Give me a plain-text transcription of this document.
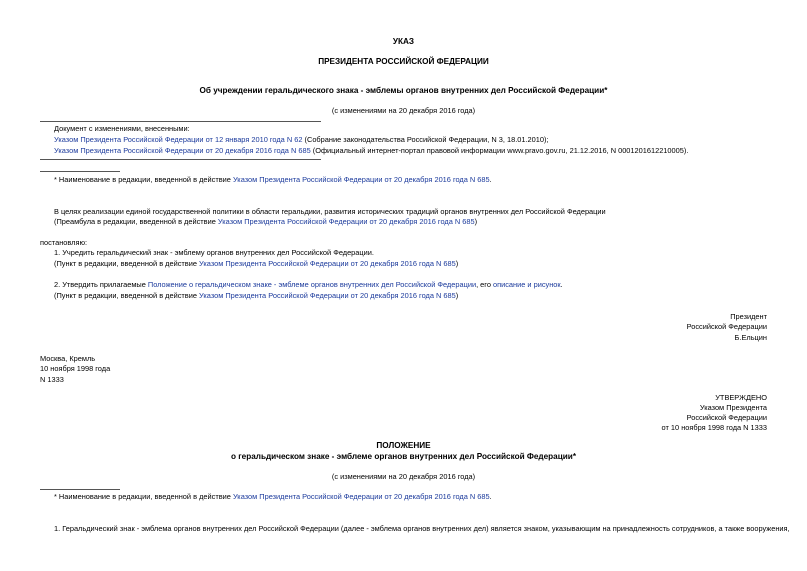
УКАЗ
ПРЕЗИДЕНТА РОССИЙСКОЙ ФЕДЕРАЦИИ
Об учреждении геральдического знака - эмблемы органов внутренних дел Российской Федерации*
(с изменениями на 20 декабря 2016 года)
Документ с изменениями, внесенными:
Указом Президента Российской Федерации от 12 января 2010 года N 62 (Собрание законодательства Российской Федерации, N 3, 18.01.2010);
Указом Президента Российской Федерации от 20 декабря 2016 года N 685 (Официальный интернет-портал правовой информации www.pravo.gov.ru, 21.12.2016, N 0001201612210005).
* Наименование в редакции, введенной в действие Указом Президента Российской Федерации от 20 декабря 2016 года N 685.
В целях реализации единой государственной политики в области геральдики, развития исторических традиций органов внутренних дел Российской Федерации
(Преамбула в редакции, введенной в действие Указом Президента Российской Федерации от 20 декабря 2016 года N 685)
постановляю:
1. Учредить геральдический знак - эмблему органов внутренних дел Российской Федерации.
(Пункт в редакции, введенной в действие Указом Президента Российской Федерации от 20 декабря 2016 года N 685)
2. Утвердить прилагаемые Положение о геральдическом знаке - эмблеме органов внутренних дел Российской Федерации, его описание и рисунок.
(Пункт в редакции, введенной в действие Указом Президента Российской Федерации от 20 декабря 2016 года N 685)
Президент
Российской Федерации
Б.Ельцин
Москва, Кремль
10 ноября 1998 года
N 1333
УТВЕРЖДЕНО
Указом Президента
Российской Федерации
от 10 ноября 1998 года N 1333
ПОЛОЖЕНИЕ
о геральдическом знаке - эмблеме органов внутренних дел Российской Федерации*
(с изменениями на 20 декабря 2016 года)
* Наименование в редакции, введенной в действие Указом Президента Российской Федерации от 20 декабря 2016 года N 685.
1. Геральдический знак - эмблема органов внутренних дел Российской Федерации (далее - эмблема органов внутренних дел) является знаком, указывающим на принадлежность сотрудников, а также вооружения,
